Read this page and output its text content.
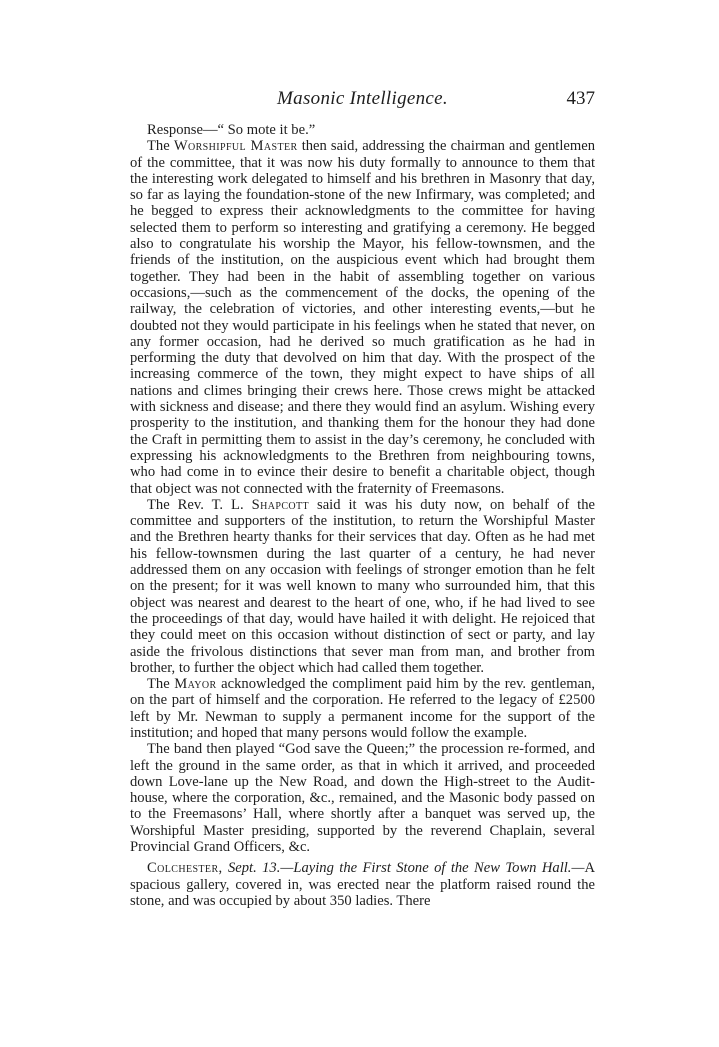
Masonic Intelligence.	437

Response—“ So mote it be.”

The Worshipful Master then said, addressing the chairman and gentlemen of the committee, that it was now his duty formally to announce to them that the interesting work delegated to himself and his brethren in Masonry that day, so far as laying the foundation-stone of the new Infirmary, was completed; and he begged to express their acknowledgments to the committee for having selected them to perform so interesting and gratifying a ceremony. He begged also to congratulate his worship the Mayor, his fellow-townsmen, and the friends of the institution, on the auspicious event which had brought them together. They had been in the habit of assembling together on various occasions,—such as the commencement of the docks, the opening of the railway, the celebration of victories, and other interesting events,—but he doubted not they would participate in his feelings when he stated that never, on any former occasion, had he derived so much gratification as he had in performing the duty that devolved on him that day. With the prospect of the increasing commerce of the town, they might expect to have ships of all nations and climes bringing their crews here. Those crews might be attacked with sickness and disease; and there they would find an asylum. Wishing every prosperity to the institution, and thanking them for the honour they had done the Craft in permitting them to assist in the day’s ceremony, he concluded with expressing his acknowledgments to the Brethren from neighbouring towns, who had come in to evince their desire to benefit a charitable object, though that object was not connected with the fraternity of Freemasons.

The Rev. T. L. Shapcott said it was his duty now, on behalf of the committee and supporters of the institution, to return the Worshipful Master and the Brethren hearty thanks for their services that day. Often as he had met his fellow-townsmen during the last quarter of a century, he had never addressed them on any occasion with feelings of stronger emotion than he felt on the present; for it was well known to many who surrounded him, that this object was nearest and dearest to the heart of one, who, if he had lived to see the proceedings of that day, would have hailed it with delight. He rejoiced that they could meet on this occasion without distinction of sect or party, and lay aside the frivolous distinctions that sever man from man, and brother from brother, to further the object which had called them together.

The Mayor acknowledged the compliment paid him by the rev. gentleman, on the part of himself and the corporation. He referred to the legacy of £2500 left by Mr. Newman to supply a permanent income for the support of the institution; and hoped that many persons would follow the example.

The band then played “God save the Queen;” the procession re-formed, and left the ground in the same order, as that in which it arrived, and proceeded down Love-lane up the New Road, and down the High-street to the Audit-house, where the corporation, &c., remained, and the Masonic body passed on to the Freemasons’ Hall, where shortly after a banquet was served up, the Worshipful Master presiding, supported by the reverend Chaplain, several Provincial Grand Officers, &c.

Colchester, Sept. 13.—Laying the First Stone of the New Town Hall.—A spacious gallery, covered in, was erected near the platform raised round the stone, and was occupied by about 350 ladies. There
